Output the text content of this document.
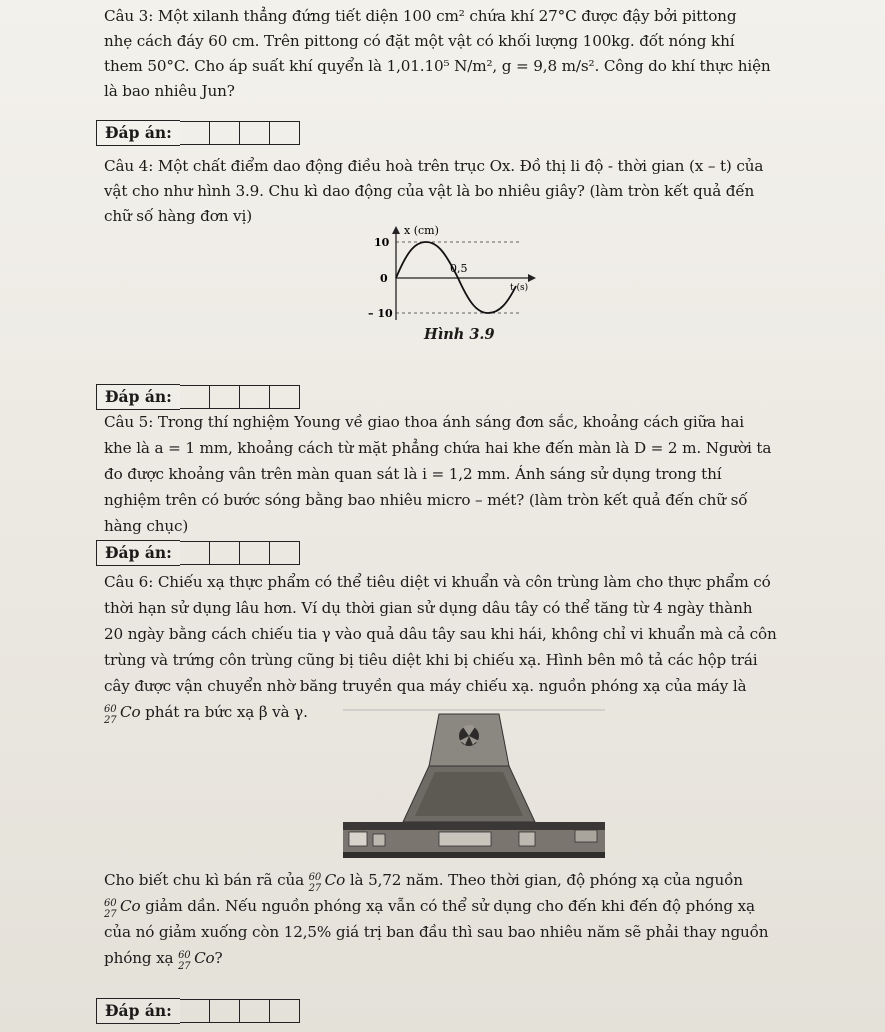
Câu 3: Một xilanh thẳng đứng tiết diện 100 cm² chứa khí 27°C được đậy bởi pittong
nhẹ cách đáy 60 cm. Trên pittong có đặt một vật có khối lượng 100kg. đốt nóng khí
them 50°C. Cho áp suất khí quyển là 1,01.10⁵ N/m², g = 9,8 m/s². Công do khí thực hiện
là bao nhiêu Jun?
Đáp án:
Câu 4: Một chất điểm dao động điều hoà trên trục Ox. Đồ thị li độ - thời gian (x – t) của
vật cho như hình 3.9. Chu kì dao động của vật là bo nhiêu giây? (làm tròn kết quả đến
chữ số hàng đơn vị)
x (cm)
10
0
– 10
0,5
t (s)
Hình 3.9
Đáp án:
Câu 5: Trong thí nghiệm Young về giao thoa ánh sáng đơn sắc, khoảng cách giữa hai
khe là a = 1 mm, khoảng cách từ mặt phẳng chứa hai khe đến màn là D = 2 m. Người ta
đo được khoảng vân trên màn quan sát là i = 1,2 mm. Ánh sáng sử dụng trong thí
nghiệm trên có bước sóng bằng bao nhiêu micro – mét? (làm tròn kết quả đến chữ số
hàng chục)
Đáp án:
Câu 6: Chiếu xạ thực phẩm có thể tiêu diệt vi khuẩn và côn trùng làm cho thực phẩm có
thời hạn sử dụng lâu hơn. Ví dụ thời gian sử dụng dâu tây có thể tăng từ 4 ngày thành
20 ngày bằng cách chiếu tia γ vào quả dâu tây sau khi hái, không chỉ vi khuẩn mà cả côn
trùng và trứng côn trùng cũng bị tiêu diệt khi bị chiếu xạ. Hình bên mô tả các hộp trái
cây được vận chuyển nhờ băng truyền qua máy chiếu xạ. nguồn phóng xạ của máy là
60
27 Co phát ra bức xạ β và γ.
Cho biết chu kì bán rã của 60
27 Co là 5,72 năm. Theo thời gian, độ phóng xạ của nguồn
60
27 Co giảm dần. Nếu nguồn phóng xạ vẫn có thể sử dụng cho đến khi đến độ phóng xạ
của nó giảm xuống còn 12,5% giá trị ban đầu thì sau bao nhiêu năm sẽ phải thay nguồn
phóng xạ 60
27 Co?
Đáp án:
